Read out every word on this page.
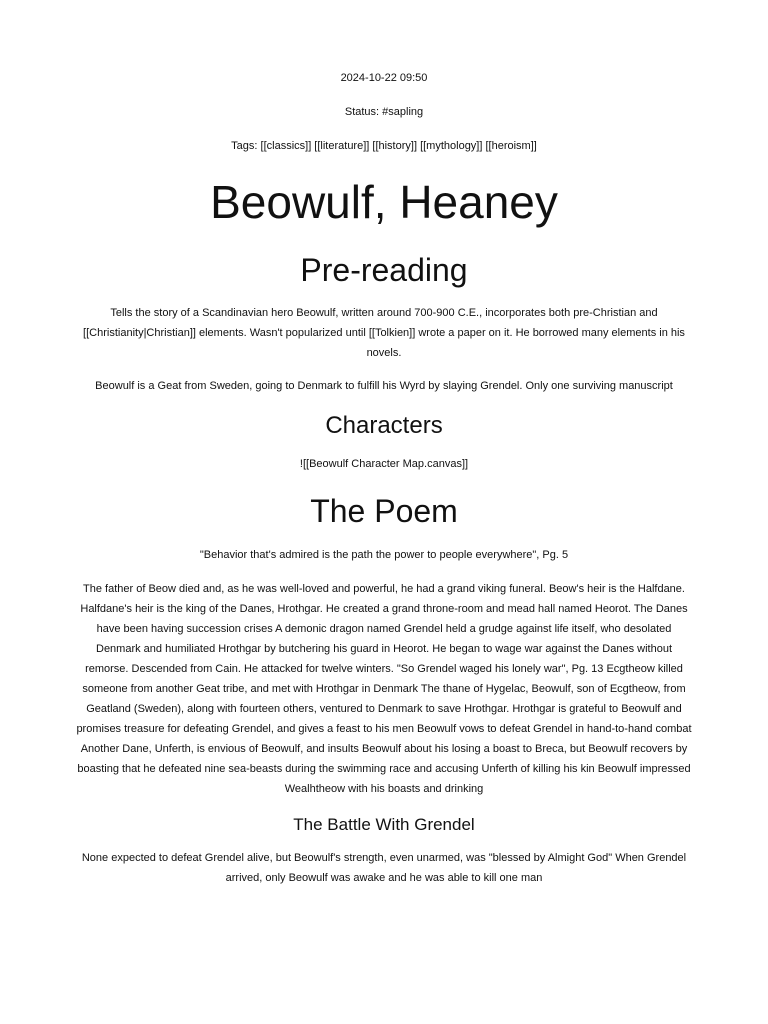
2024-10-22 09:50

Status: #sapling

Tags: [[classics]] [[literature]] [[history]] [[mythology]] [[heroism]]

Beowulf, Heaney
Pre-reading

Tells the story of a Scandinavian hero Beowulf, written around 700-900 C.E., incorporates both pre-Christian and [[Christianity|Christian]] elements. Wasn't popularized until [[Tolkien]] wrote a paper on it. He borrowed many elements in his novels.

Beowulf is a Geat from Sweden, going to Denmark to fulfill his Wyrd by slaying Grendel. Only one surviving manuscript

Characters

![[Beowulf Character Map.canvas]]

The Poem

"Behavior that's admired is the path the power to people everywhere", Pg. 5

The father of Beow died and, as he was well-loved and powerful, he had a grand viking funeral. Beow's heir is the Halfdane. Halfdane's heir is the king of the Danes, Hrothgar. He created a grand throne-room and mead hall named Heorot. The Danes have been having succession crises A demonic dragon named Grendel held a grudge against life itself, who desolated Denmark and humiliated Hrothgar by butchering his guard in Heorot. He began to wage war against the Danes without remorse. Descended from Cain. He attacked for twelve winters. "So Grendel waged his lonely war", Pg. 13 Ecgtheow killed someone from another Geat tribe, and met with Hrothgar in Denmark The thane of Hygelac, Beowulf, son of Ecgtheow, from Geatland (Sweden), along with fourteen others, ventured to Denmark to save Hrothgar. Hrothgar is grateful to Beowulf and promises treasure for defeating Grendel, and gives a feast to his men Beowulf vows to defeat Grendel in hand-to-hand combat Another Dane, Unferth, is envious of Beowulf, and insults Beowulf about his losing a boast to Breca, but Beowulf recovers by boasting that he defeated nine sea-beasts during the swimming race and accusing Unferth of killing his kin Beowulf impressed Wealhtheow with his boasts and drinking

The Battle With Grendel

None expected to defeat Grendel alive, but Beowulf's strength, even unarmed, was "blessed by Almight God" When Grendel arrived, only Beowulf was awake and he was able to kill one man
